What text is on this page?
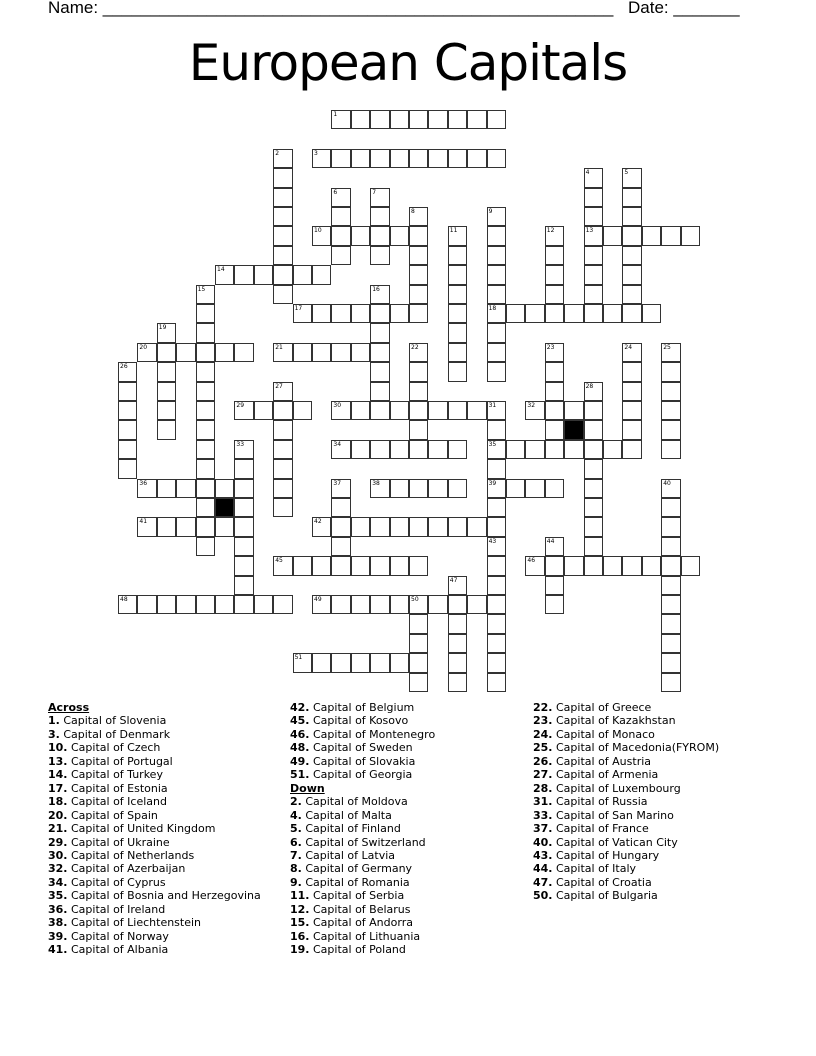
Name: ______________________________________________________ Date: _______
European Capitals
1
2	3
4
13
5
6	7
8	9
18
10	11	12
14
15	16
17
19
20	21	22	23	24	25
26
27	28
29	30	31
35
39
32
33	34
36	37	38	40
41	42
43	44
45	46
47
48	49	50
51
Across
1. Capital of Slovenia
3. Capital of Denmark
10. Capital of Czech
13. Capital of Portugal
14. Capital of Turkey
17. Capital of Estonia
18. Capital of Iceland
20. Capital of Spain
21. Capital of United Kingdom
29. Capital of Ukraine
30. Capital of Netherlands
32. Capital of Azerbaijan
34. Capital of Cyprus
35. Capital of Bosnia and Herzegovina
36. Capital of Ireland
38. Capital of Liechtenstein
39. Capital of Norway
41. Capital of Albania
42. Capital of Belgium
45. Capital of Kosovo
46. Capital of Montenegro
48. Capital of Sweden
49. Capital of Slovakia
51. Capital of Georgia
Down
2. Capital of Moldova
4. Capital of Malta
5. Capital of Finland
6. Capital of Switzerland
7. Capital of Latvia
8. Capital of Germany
9. Capital of Romania
11. Capital of Serbia
12. Capital of Belarus
15. Capital of Andorra
16. Capital of Lithuania
19. Capital of Poland
22. Capital of Greece
23. Capital of Kazakhstan
24. Capital of Monaco
25. Capital of Macedonia(FYROM)
26. Capital of Austria
27. Capital of Armenia
28. Capital of Luxembourg
31. Capital of Russia
33. Capital of San Marino
37. Capital of France
40. Capital of Vatican City
43. Capital of Hungary
44. Capital of Italy
47. Capital of Croatia
50. Capital of Bulgaria
